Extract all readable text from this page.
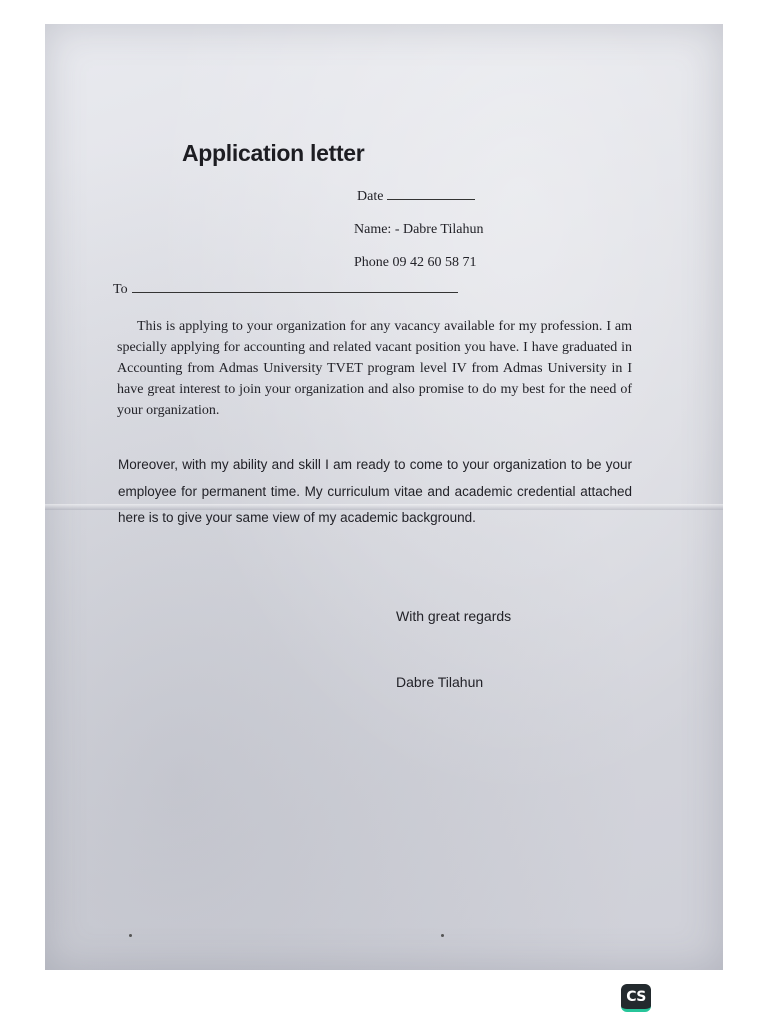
Application letter
Date
Name: - Dabre Tilahun
Phone 09 42 60 58 71
To
This is applying to your organization for any vacancy available for my profession. I am specially applying for accounting and related vacant position you have. I have graduated in Accounting from Admas University TVET program level IV from Admas University in I have great interest to join your organization and also promise to do my best for the need of your organization.
Moreover, with my ability and skill I am ready to come to your organization to be your employee for permanent time. My curriculum vitae and academic credential attached here is to give your same view of my academic background.
With great regards
Dabre Tilahun
CS
